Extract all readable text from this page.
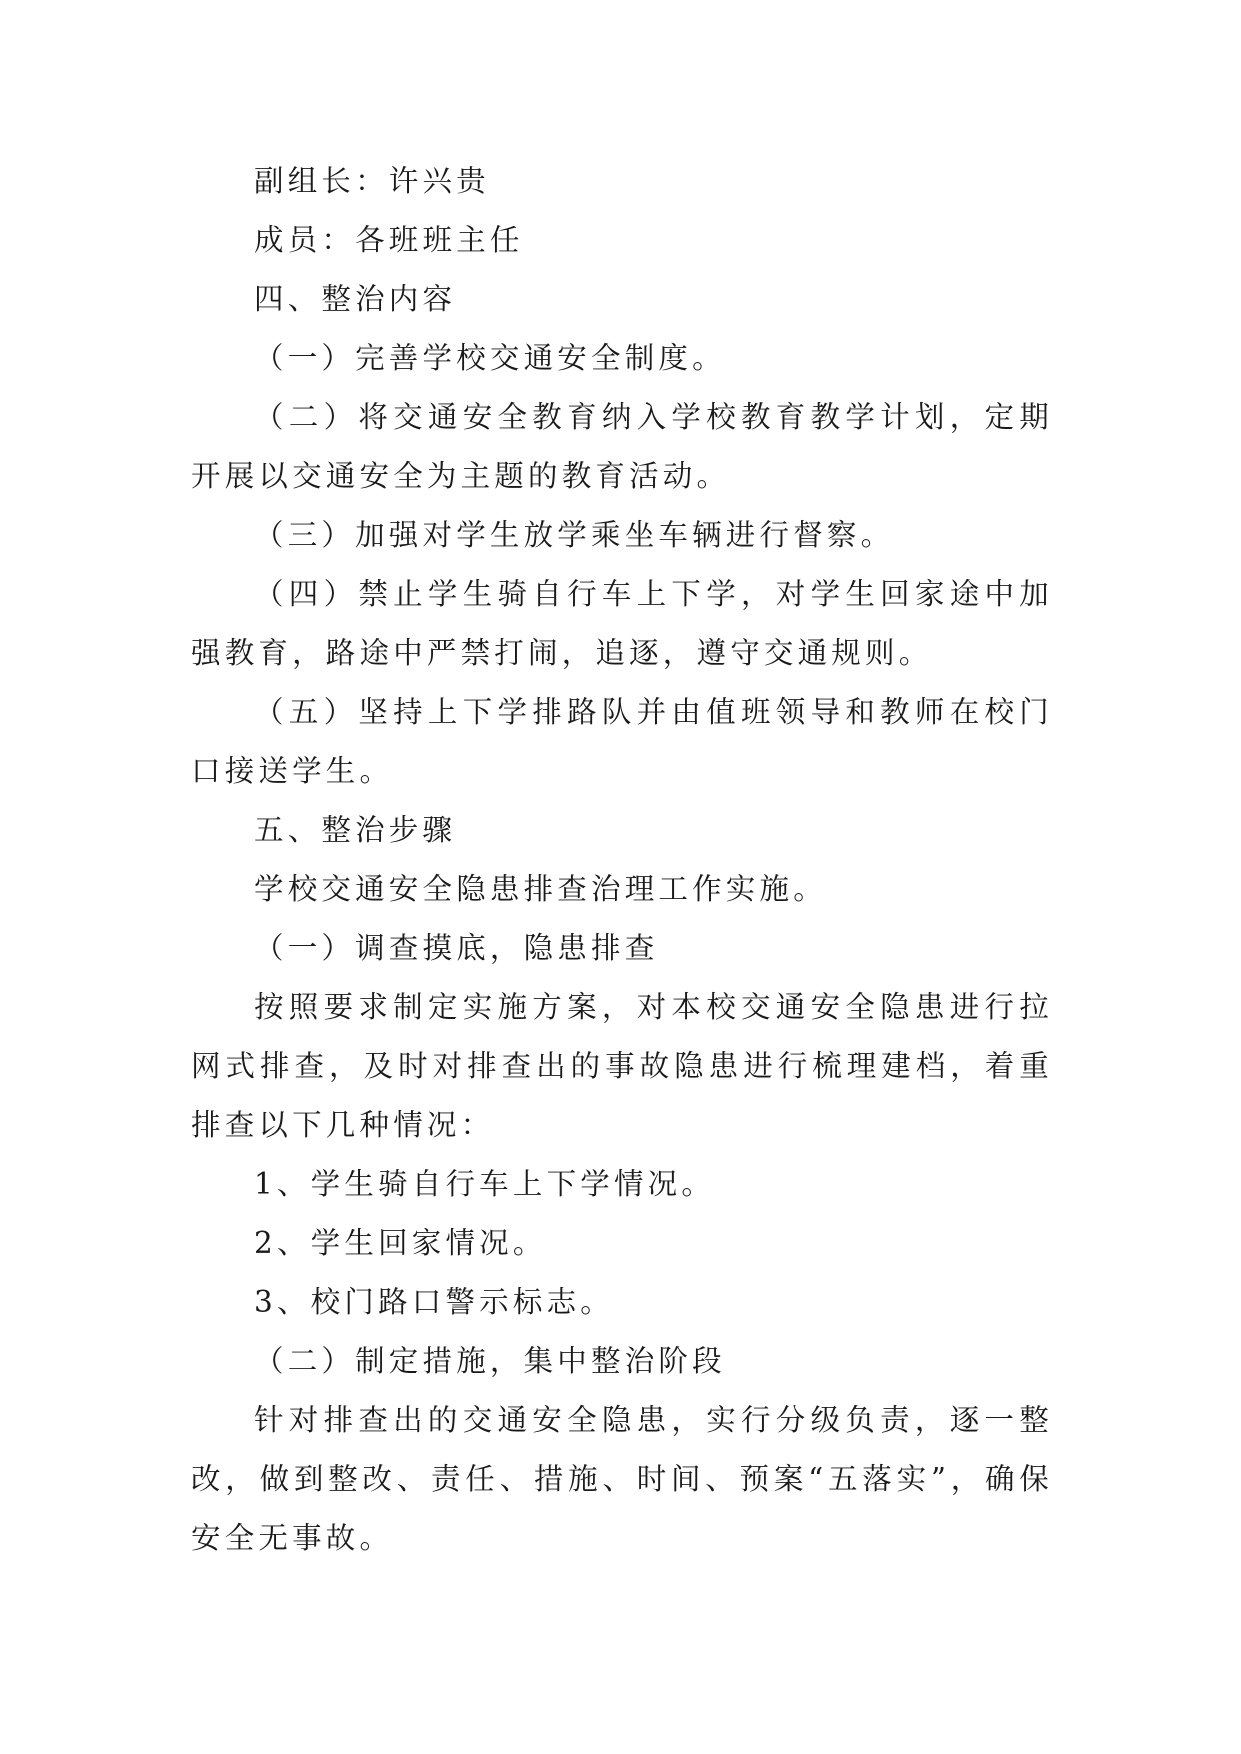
副组长：许兴贵

成员：各班班主任

四、整治内容

（一）完善学校交通安全制度。

（二）将交通安全教育纳入学校教育教学计划，定期开展以交通安全为主题的教育活动。

（三）加强对学生放学乘坐车辆进行督察。

（四）禁止学生骑自行车上下学，对学生回家途中加强教育，路途中严禁打闹，追逐，遵守交通规则。

（五）坚持上下学排路队并由值班领导和教师在校门口接送学生。

五、整治步骤

学校交通安全隐患排查治理工作实施。

（一）调查摸底，隐患排查

按照要求制定实施方案，对本校交通安全隐患进行拉网式排查，及时对排查出的事故隐患进行梳理建档，着重排查以下几种情况：

1、学生骑自行车上下学情况。

2、学生回家情况。

3、校门路口警示标志。

（二）制定措施，集中整治阶段

针对排查出的交通安全隐患，实行分级负责，逐一整改，做到整改、责任、措施、时间、预案“五落实”，确保安全无事故。
